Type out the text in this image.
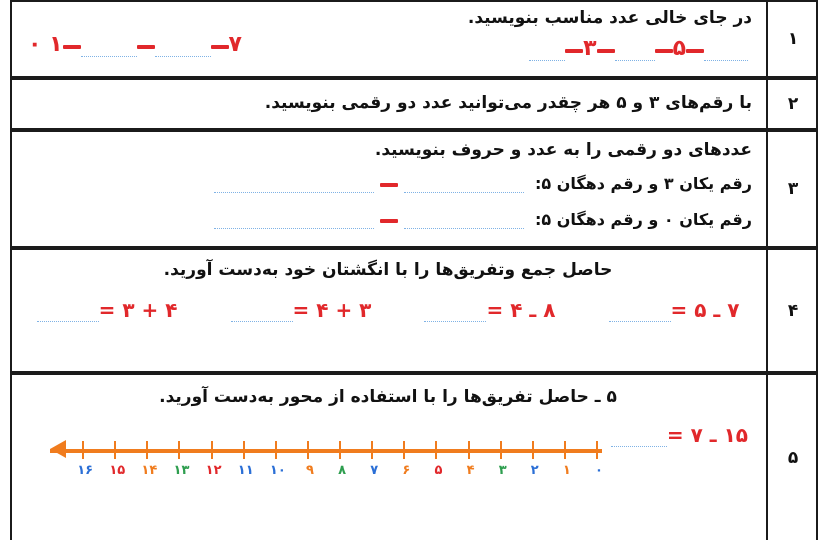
۱
در جای خالی عدد مناسب بنویسید.
۵۳
۷۱ ۰
۲
با رقم‌های ۳ و ۵ هر چقدر می‌توانید عدد دو رقمی بنویسید.
۳
عددهای دو رقمی را به عدد و حروف بنویسید.
رقم یکان ۳ و رقم دهگان ۵:
رقم یکان ۰ و رقم دهگان ۵:
۴
حاصل جمع وتفریق‌ها را با انگشتان خود به‌دست آورید.
۷ ـ ۵ =
۸ ـ ۴ =
۳ + ۴ =
۴ + ۳ =
۵
۵ ـ حاصل تفریق‌ها را با استفاده از محور به‌دست آورید.
۱۵ ـ ۷ =
۰
۱
۲
۳
۴
۵
۶
۷
۸
۹
۱۰
۱۱
۱۲
۱۳
۱۴
۱۵
۱۶
